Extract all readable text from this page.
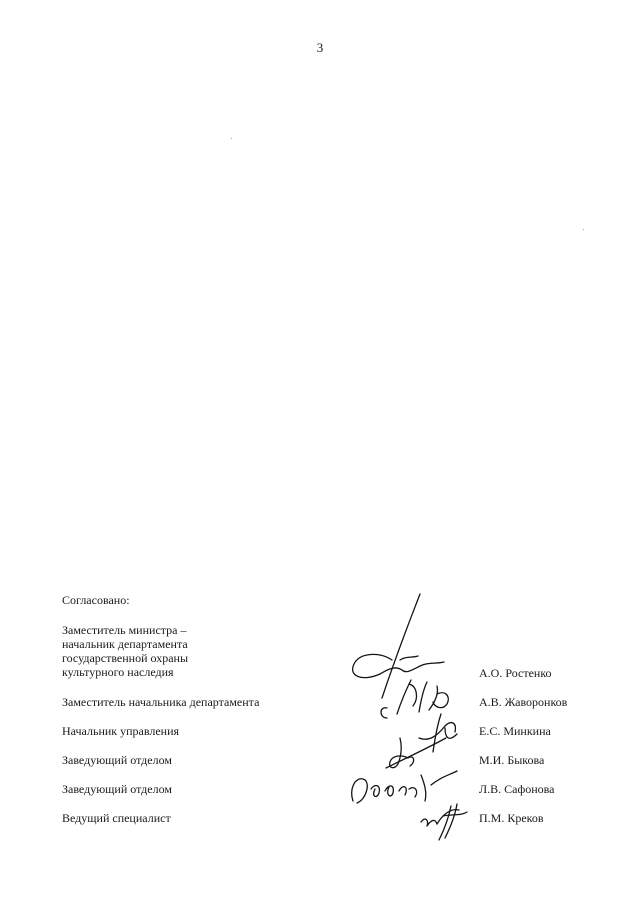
3
Согласовано:
Заместитель министра –
начальник департамента
государственной охраны
культурного наследия	А.О. Ростенко
Заместитель начальника департамента	А.В. Жаворонков
Начальник управления	Е.С. Минкина
Заведующий отделом	М.И. Быкова
Заведующий отделом	Л.В. Сафонова
Ведущий специалист	П.М. Креков
